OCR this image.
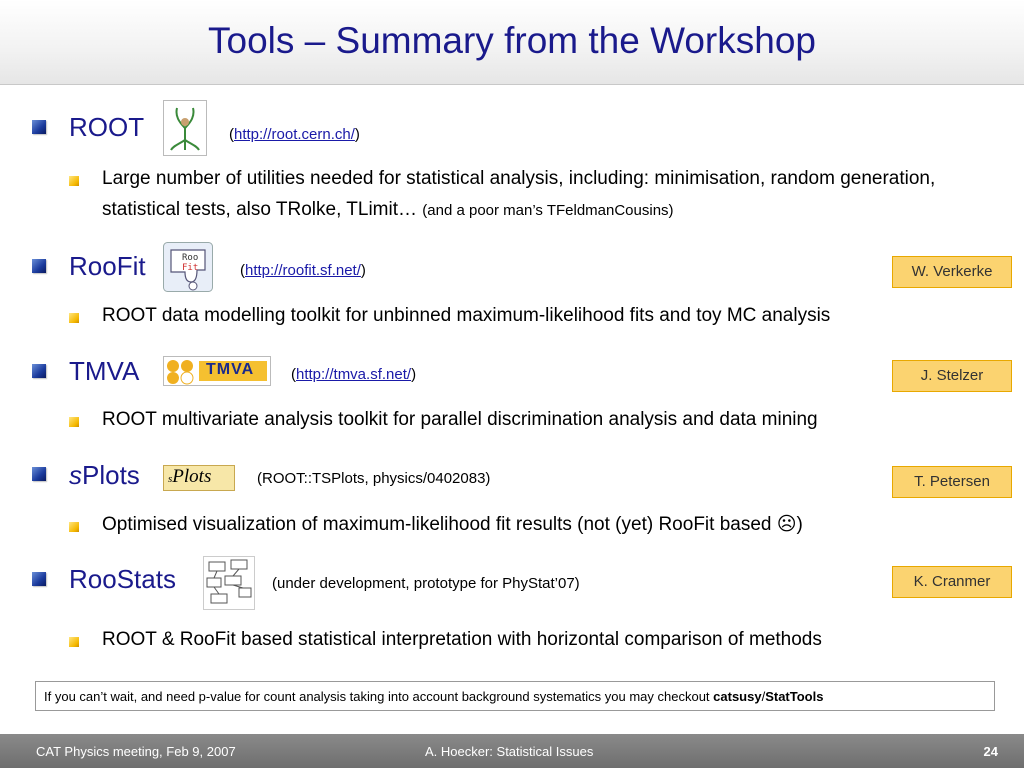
Tools – Summary from the Workshop
ROOT	(http://root.cern.ch/)
Large number of utilities needed for statistical analysis, including: minimisation, random generation, statistical tests, also TRolke, TLimit… (and a poor man’s TFeldmanCousins)
RooFit	Roo
Fit	(http://roofit.sf.net/)	W. Verkerke
ROOT data modelling toolkit for unbinned maximum-likelihood fits and toy MC analysis
TMVA	TMVA (http://tmva.sf.net/)	J. Stelzer
ROOT multivariate analysis toolkit for parallel discrimination analysis and data mining
sPlots	sPlots	(ROOT::TSPlots, physics/0402083)	T. Petersen
Optimised visualization of maximum-likelihood fit results (not (yet) RooFit based ☹)
RooStats	(under development, prototype for PhyStat’07)	K. Cranmer
ROOT & RooFit based statistical interpretation with horizontal comparison of methods
If you can’t wait, and need p-value for count analysis taking into account background systematics you may checkout catsusy/StatTools
CAT Physics meeting, Feb 9, 2007	A. Hoecker: Statistical Issues	24
